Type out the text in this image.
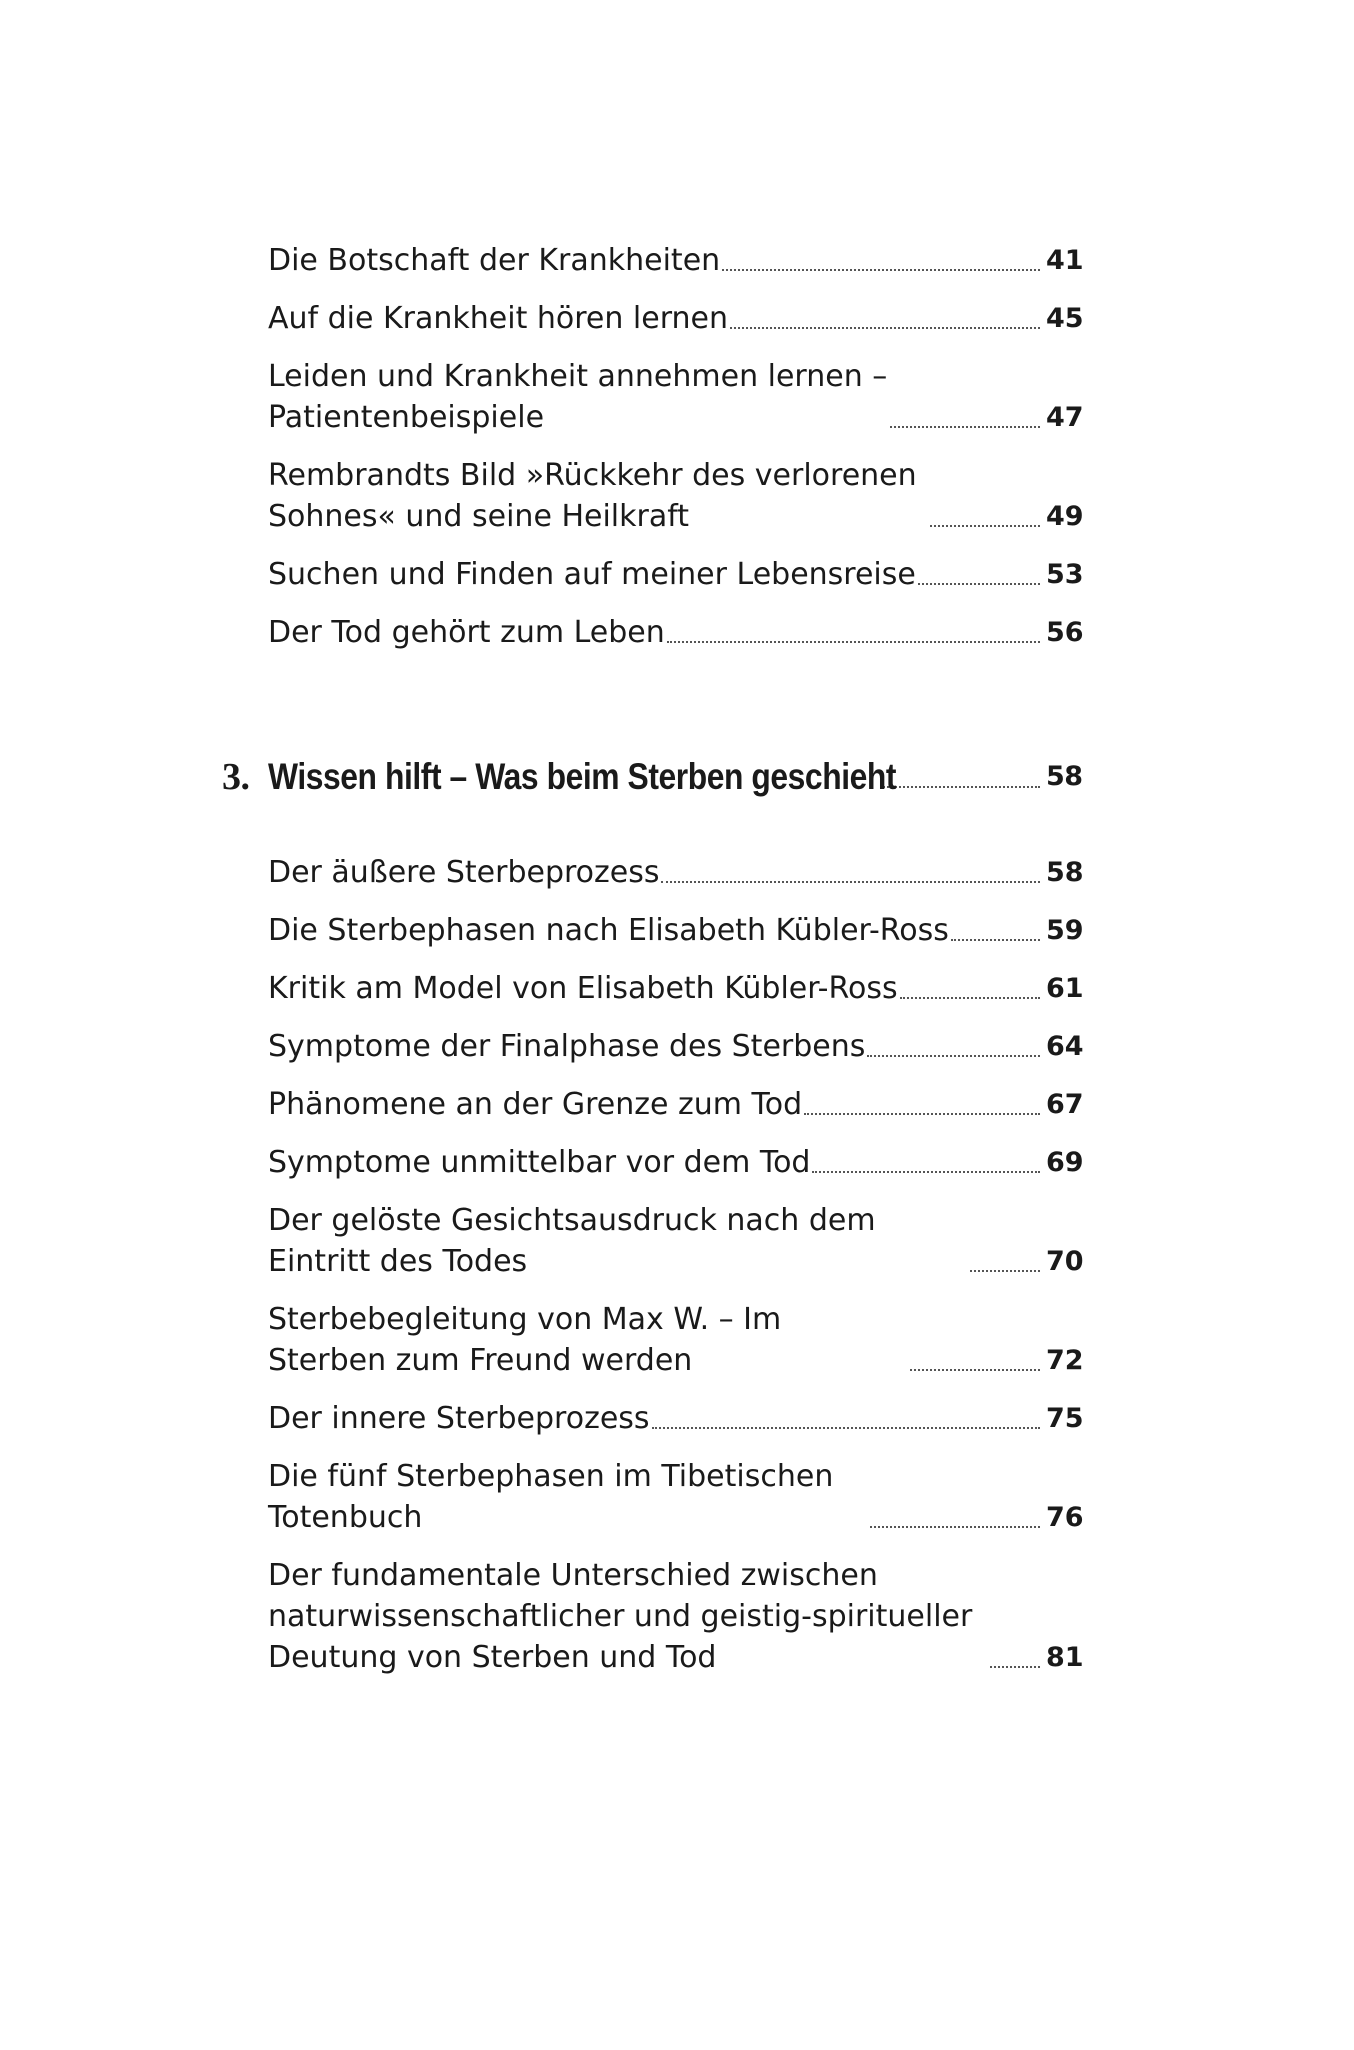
Die Botschaft der Krankheiten	41
Auf die Krankheit hören lernen	45
Leiden und Krankheit annehmen lernen – Patientenbeispiele	47
Rembrandts Bild »Rückkehr des verlorenen Sohnes« und seine Heilkraft	49
Suchen und Finden auf meiner Lebensreise	53
Der Tod gehört zum Leben	56
3. Wissen hilft – Was beim Sterben geschieht	58
Der äußere Sterbeprozess	58
Die Sterbephasen nach Elisabeth Kübler-Ross	59
Kritik am Model von Elisabeth Kübler-Ross	61
Symptome der Finalphase des Sterbens	64
Phänomene an der Grenze zum Tod	67
Symptome unmittelbar vor dem Tod	69
Der gelöste Gesichtsausdruck nach dem Eintritt des Todes	70
Sterbebegleitung von Max W. – Im Sterben zum Freund werden	72
Der innere Sterbeprozess	75
Die fünf Sterbephasen im Tibetischen Totenbuch	76
Der fundamentale Unterschied zwischen naturwissenschaftlicher und geistig-spiritueller Deutung von Sterben und Tod	81
